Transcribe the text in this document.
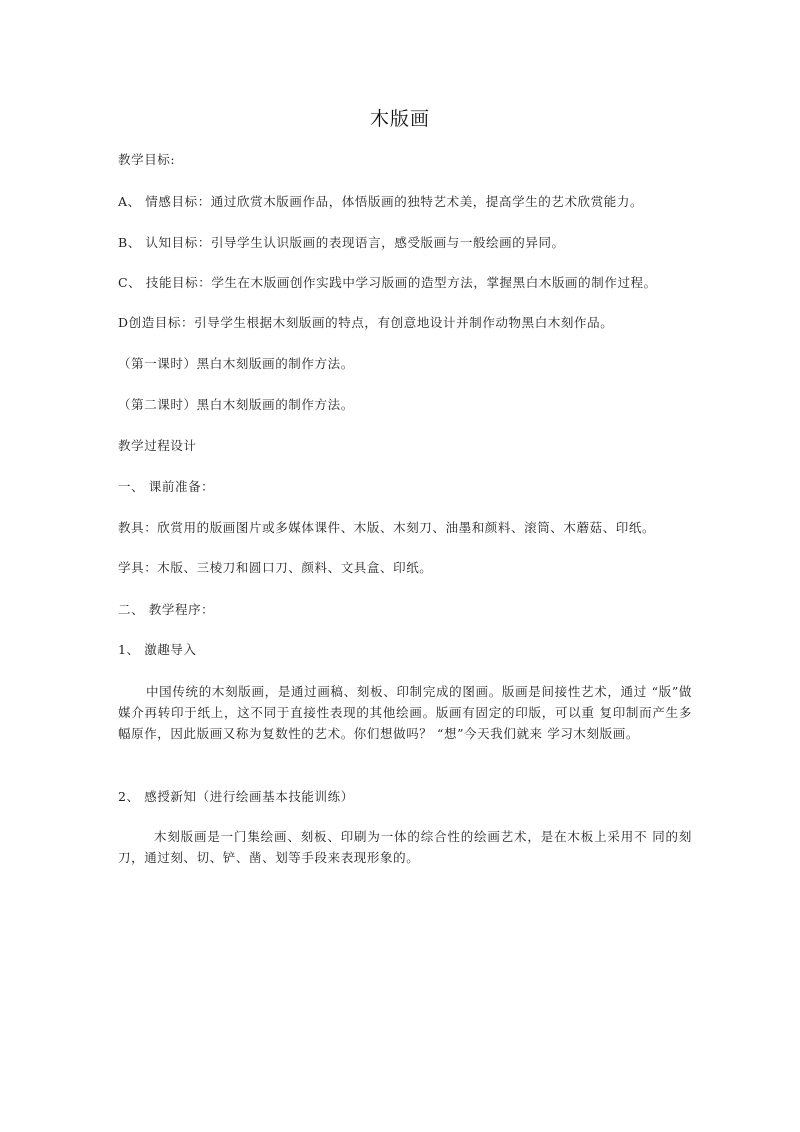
木版画
教学目标:
A、 情感目标：通过欣赏木版画作品，体悟版画的独特艺术美，提高学生的艺术欣赏能力。
B、 认知目标：引导学生认识版画的表现语言，感受版画与一般绘画的异同。
C、 技能目标：学生在木版画创作实践中学习版画的造型方法，掌握黑白木版画的制作过程。
D创造目标：引导学生根据木刻版画的特点，有创意地设计并制作动物黑白木刻作品。
（第一课时）黑白木刻版画的制作方法。
（第二课时）黑白木刻版画的制作方法。
教学过程设计
一、 课前准备：
教具：欣赏用的版画图片或多媒体课件、木版、木刻刀、油墨和颜料、滚筒、木蘑菇、印纸。
学具：木版、三棱刀和圆口刀、颜料、文具盒、印纸。
二、 教学程序：
1、 激趣导入
中国传统的木刻版画，是通过画稿、刻板、印制完成的图画。版画是间接性艺术，通过 “版”做媒介再转印于纸上，这不同于直接性表现的其他绘画。版画有固定的印版，可以重 复印制而产生多幅原作，因此版画又称为复数性的艺术。你们想做吗？ “想”今天我们就来 学习木刻版画。
2、 感授新知（进行绘画基本技能训练）
木刻版画是一门集绘画、刻板、印刷为一体的综合性的绘画艺术，是在木板上采用不 同的刻刀，通过刻、切、铲、凿、划等手段来表现形象的。
